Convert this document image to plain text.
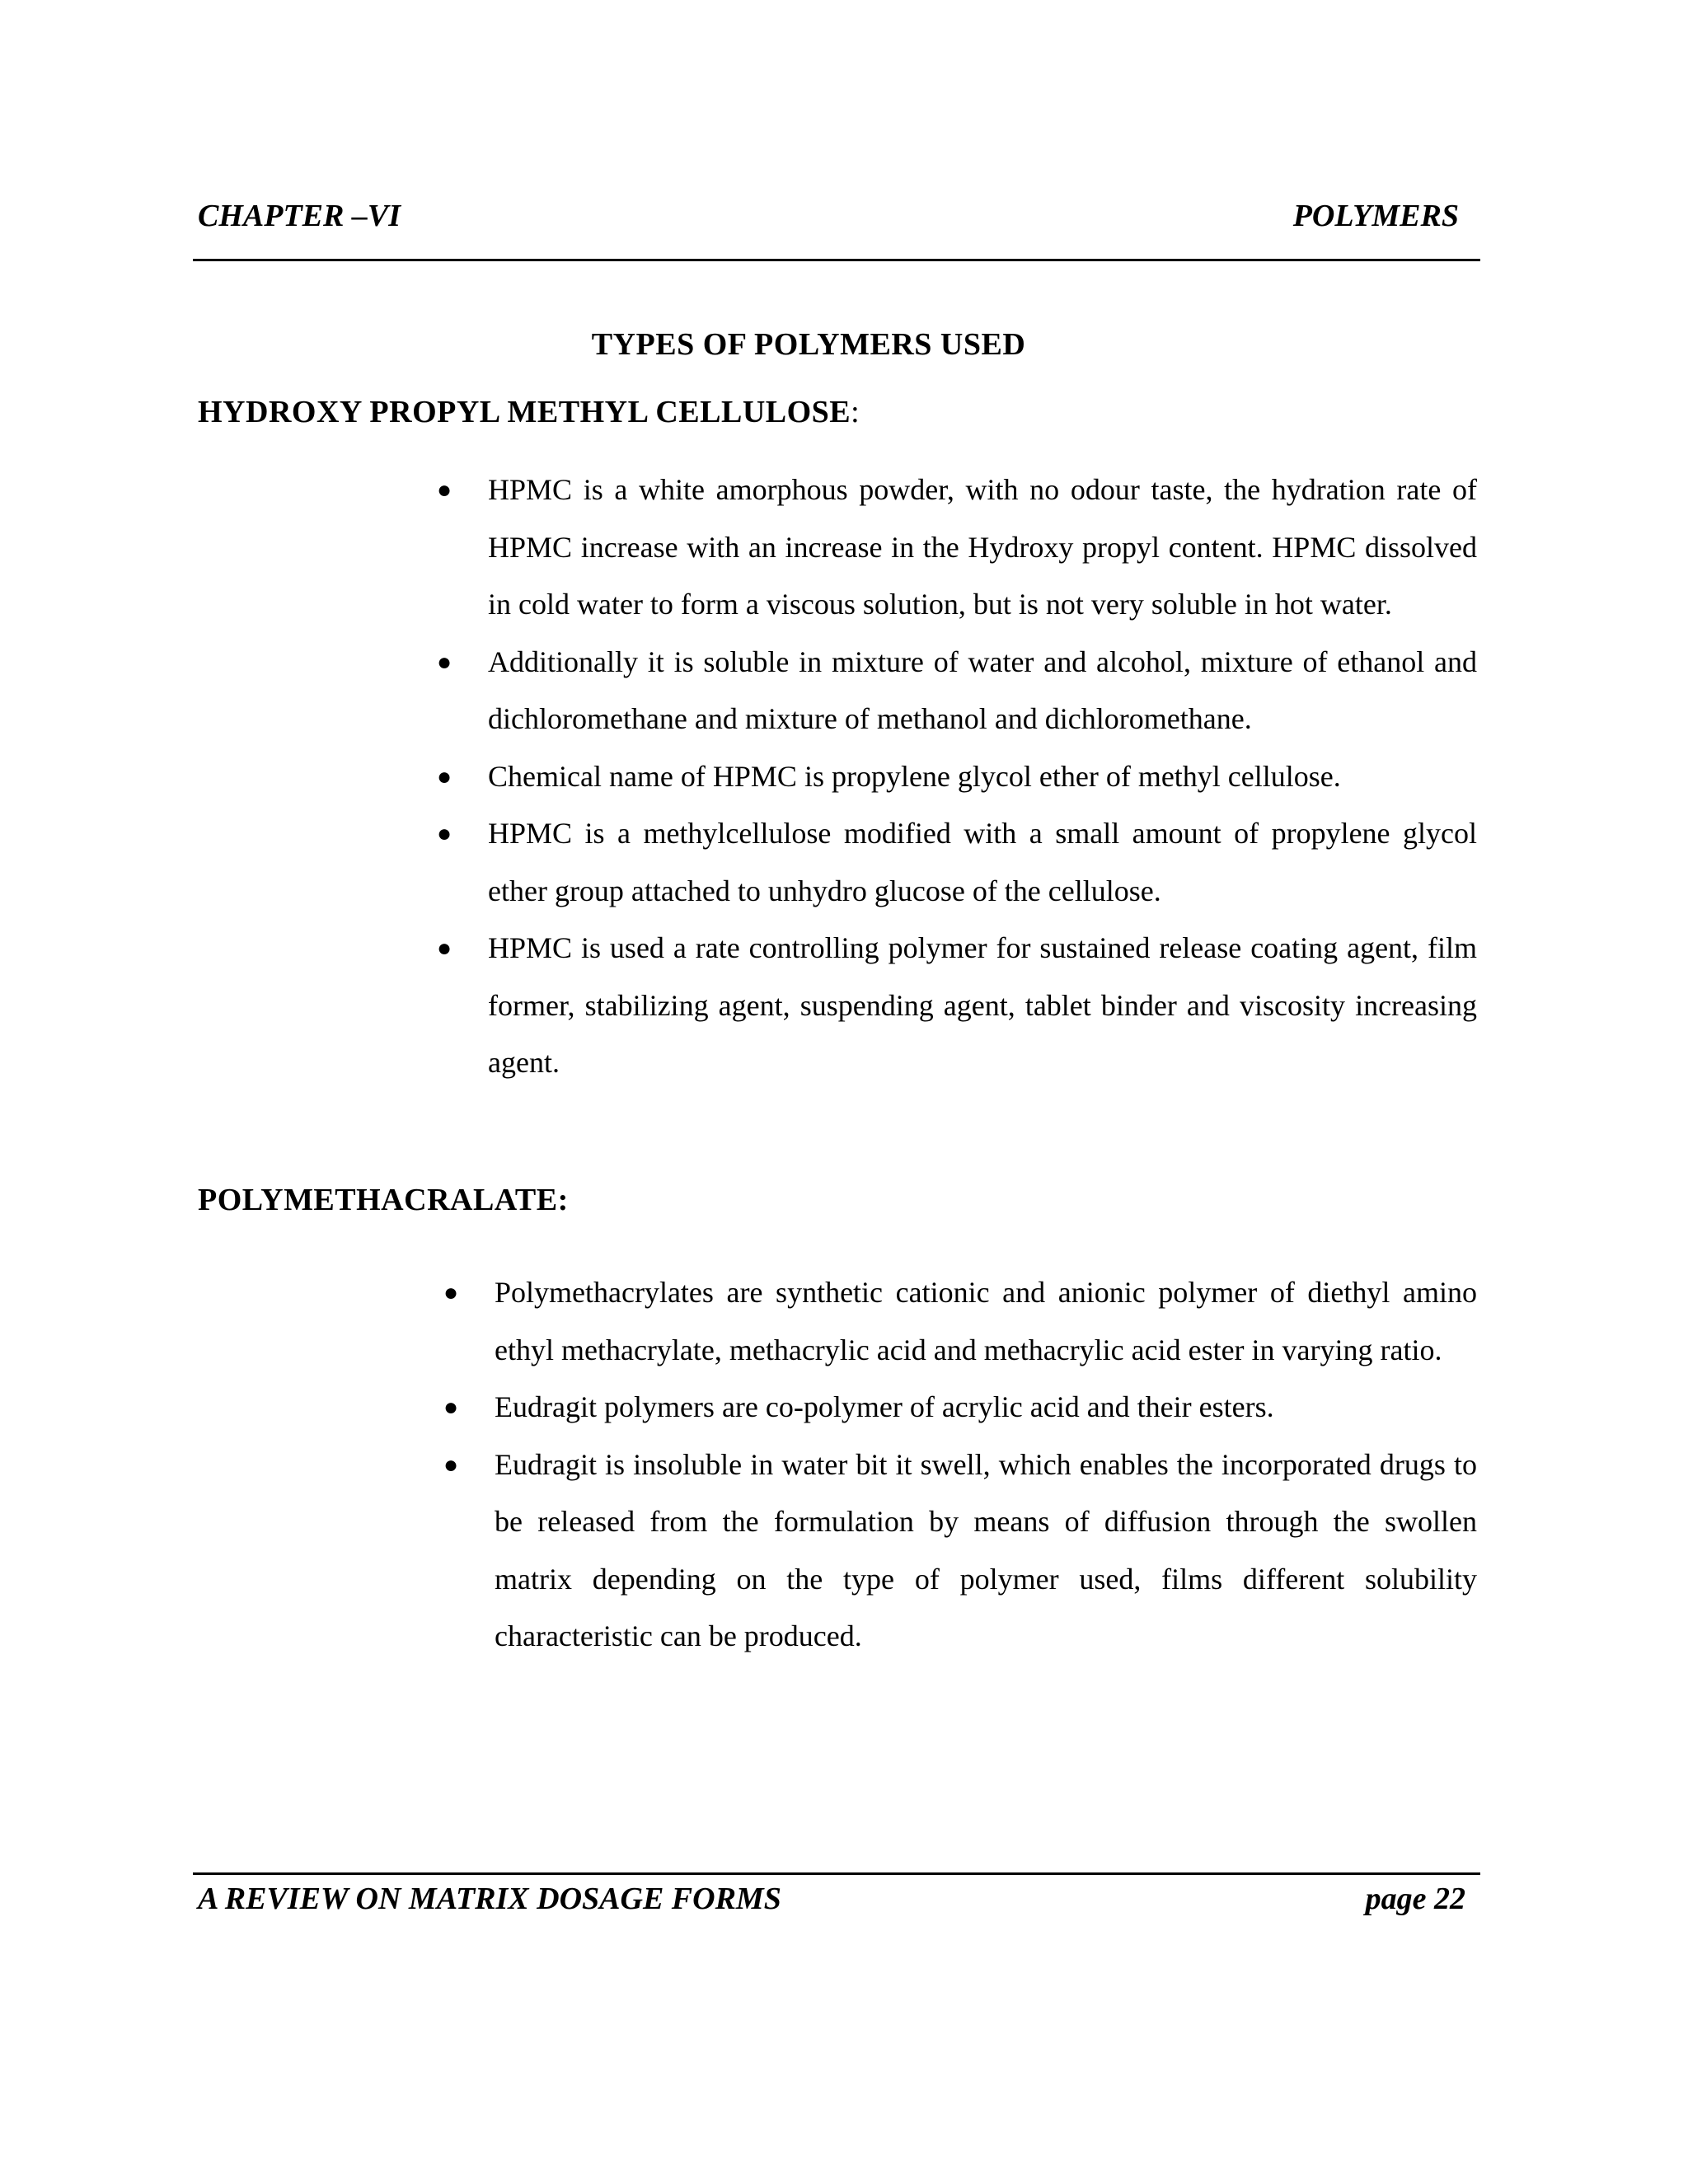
CHAPTER –VI	POLYMERS
TYPES OF POLYMERS USED
HYDROXY PROPYL METHYL CELLULOSE:
● HPMC is a white amorphous powder, with no odour taste, the hydration rate of HPMC increase with an increase in the Hydroxy propyl content. HPMC dissolved in cold water to form a viscous solution, but is not very soluble in hot water.
● Additionally it is soluble in mixture of water and alcohol, mixture of ethanol and dichloromethane and mixture of methanol and dichloromethane.
● Chemical name of HPMC is propylene glycol ether of methyl cellulose.
● HPMC is a methylcellulose modified with a small amount of propylene glycol ether group attached to unhydro glucose of the cellulose.
● HPMC is used a rate controlling polymer for sustained release coating agent, film former, stabilizing agent, suspending agent, tablet binder and viscosity increasing agent.
POLYMETHACRALATE:
● Polymethacrylates are synthetic cationic and anionic polymer of diethyl amino ethyl methacrylate, methacrylic acid and methacrylic acid ester in varying ratio.
● Eudragit polymers are co-polymer of acrylic acid and their esters.
● Eudragit is insoluble in water bit it swell, which enables the incorporated drugs to be released from the formulation by means of diffusion through the swollen matrix depending on the type of polymer used, films different solubility characteristic can be produced.
A REVIEW ON MATRIX DOSAGE FORMS	page 22
